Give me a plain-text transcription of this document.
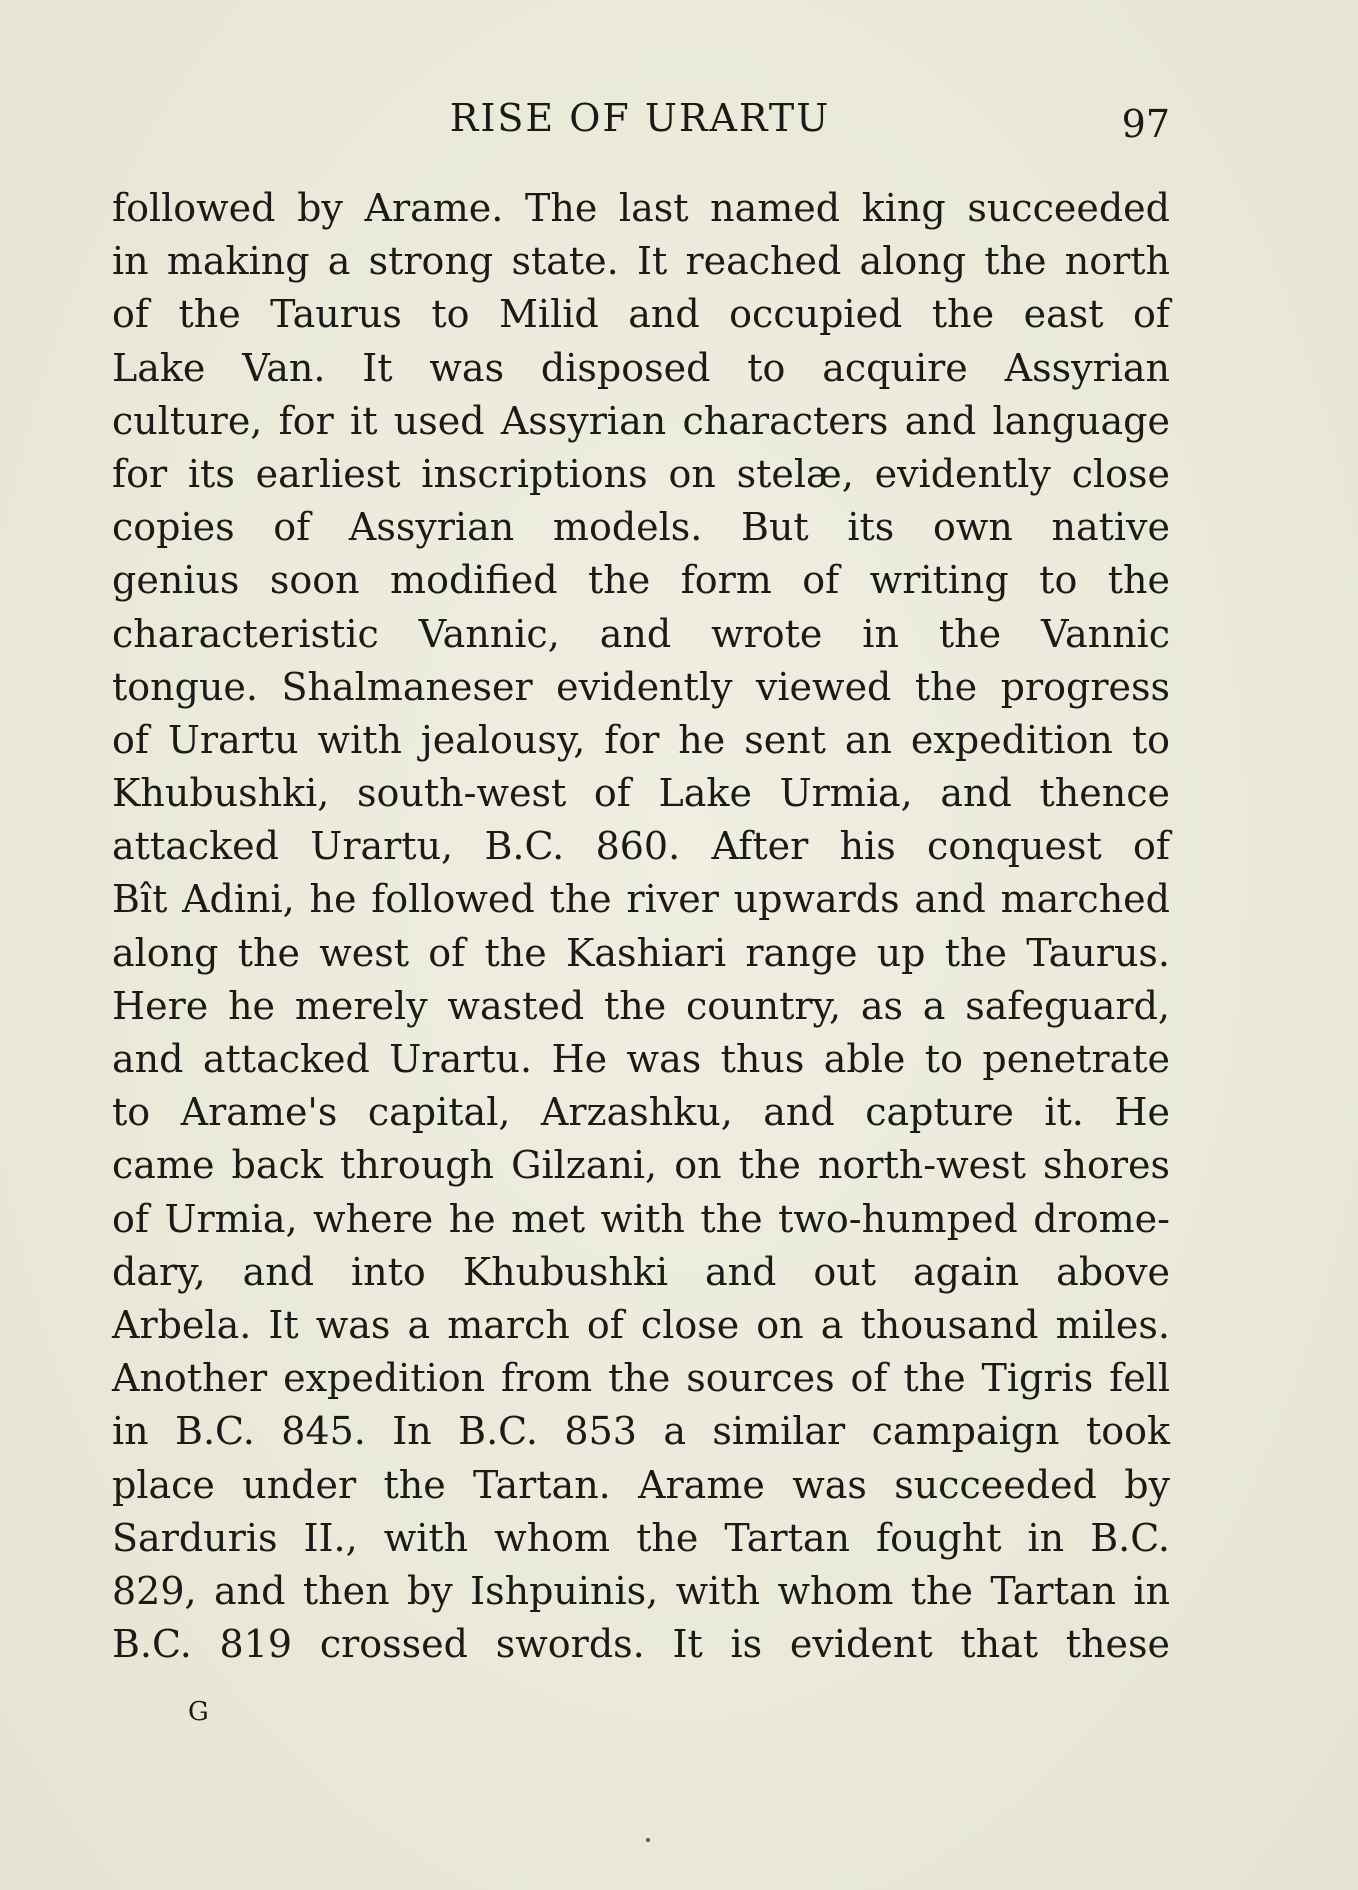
RISE OF URARTU	97
followed by Arame. The last named king succeeded
in making a strong state. It reached along the north
of the Taurus to Milid and occupied the east of
Lake Van. It was disposed to acquire Assyrian
culture, for it used Assyrian characters and language
for its earliest inscriptions on stelæ, evidently close
copies of Assyrian models. But its own native
genius soon modified the form of writing to the
characteristic Vannic, and wrote in the Vannic
tongue. Shalmaneser evidently viewed the progress
of Urartu with jealousy, for he sent an expedition to
Khubushki, south-west of Lake Urmia, and thence
attacked Urartu, B.C. 860. After his conquest of
Bît Adini, he followed the river upwards and marched
along the west of the Kashiari range up the Taurus.
Here he merely wasted the country, as a safeguard,
and attacked Urartu. He was thus able to penetrate
to Arame's capital, Arzashku, and capture it. He
came back through Gilzani, on the north-west shores
of Urmia, where he met with the two-humped drome-
dary, and into Khubushki and out again above
Arbela. It was a march of close on a thousand miles.
Another expedition from the sources of the Tigris fell
in B.C. 845. In B.C. 853 a similar campaign took
place under the Tartan. Arame was succeeded by
Sarduris II., with whom the Tartan fought in B.C.
829, and then by Ishpuinis, with whom the Tartan in
B.C. 819 crossed swords. It is evident that these
G
